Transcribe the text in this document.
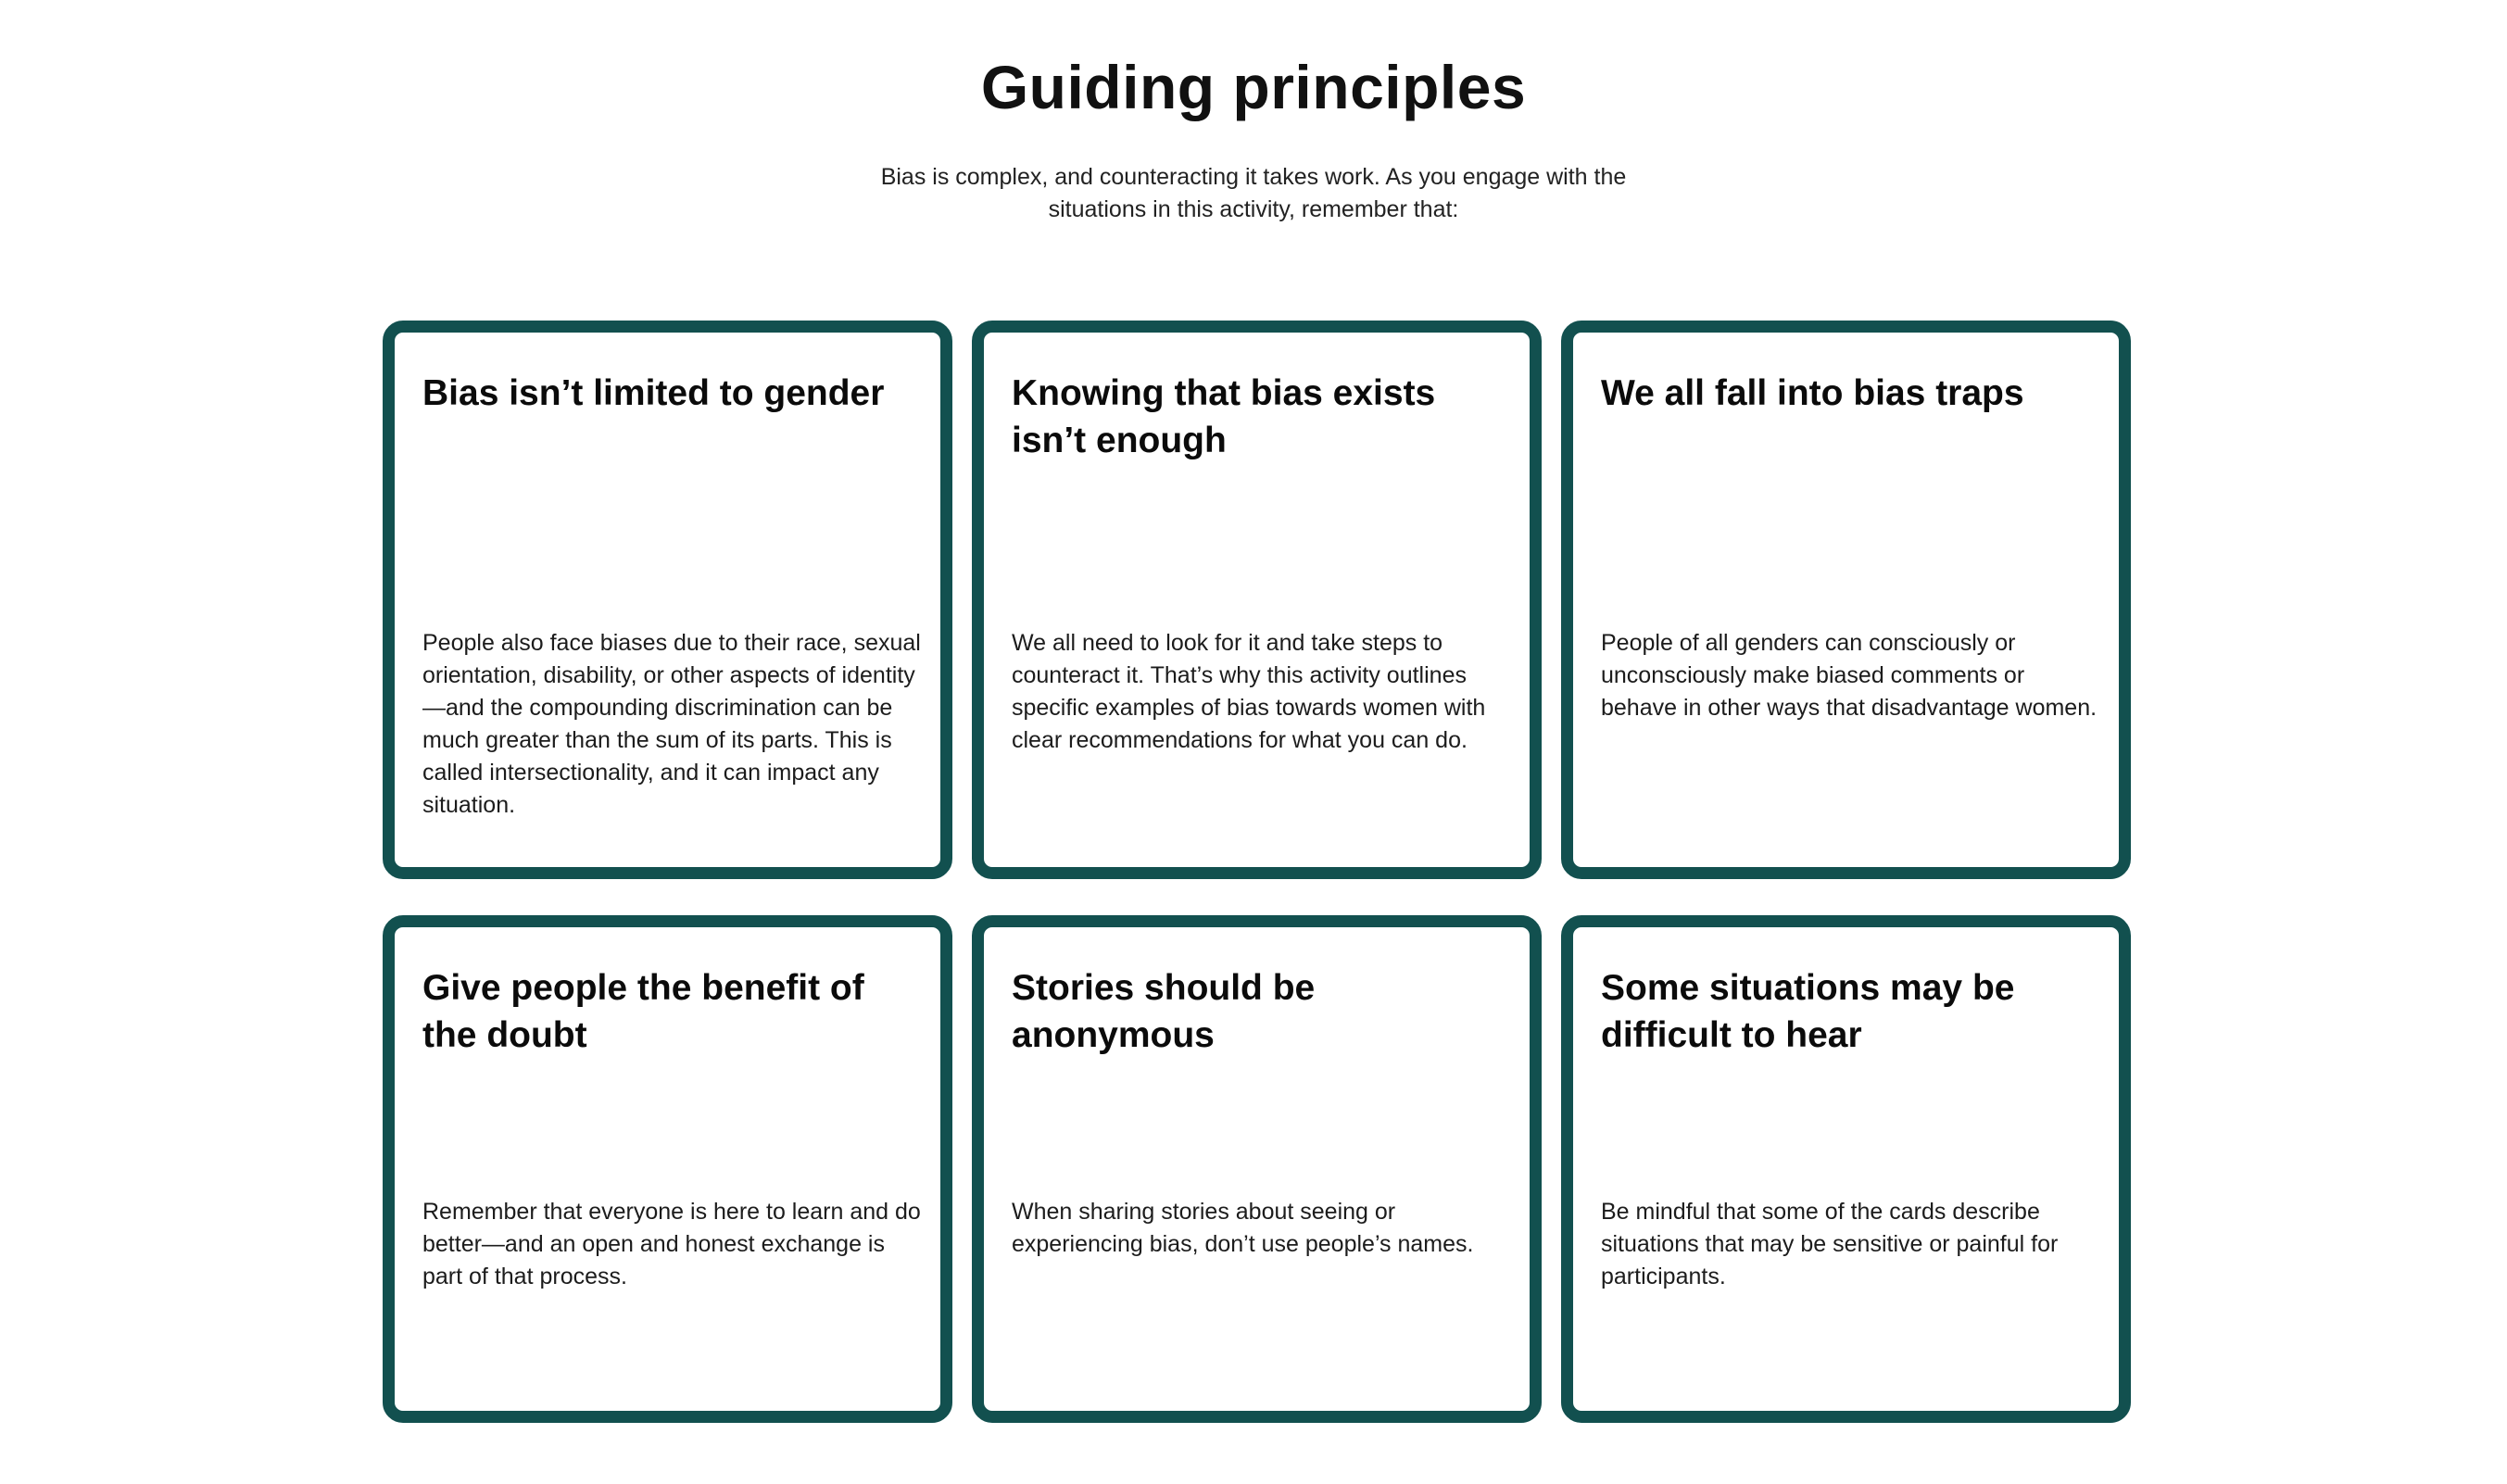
Guiding principles

Bias is complex, and counteracting it takes work. As you engage with the situations in this activity, remember that:

Bias isn’t limited to gender

People also face biases due to their race, sexual orientation, disability, or other aspects of identity—and the compounding discrimination can be much greater than the sum of its parts. This is called intersectionality, and it can impact any situation.

Knowing that bias exists isn’t enough

We all need to look for it and take steps to counteract it. That’s why this activity outlines specific examples of bias towards women with clear recommendations for what you can do.

We all fall into bias traps

People of all genders can consciously or unconsciously make biased comments or behave in other ways that disadvantage women.

Give people the benefit of the doubt

Remember that everyone is here to learn and do better—and an open and honest exchange is part of that process.

Stories should be anonymous

When sharing stories about seeing or experiencing bias, don’t use people’s names.

Some situations may be difficult to hear

Be mindful that some of the cards describe situations that may be sensitive or painful for participants.
